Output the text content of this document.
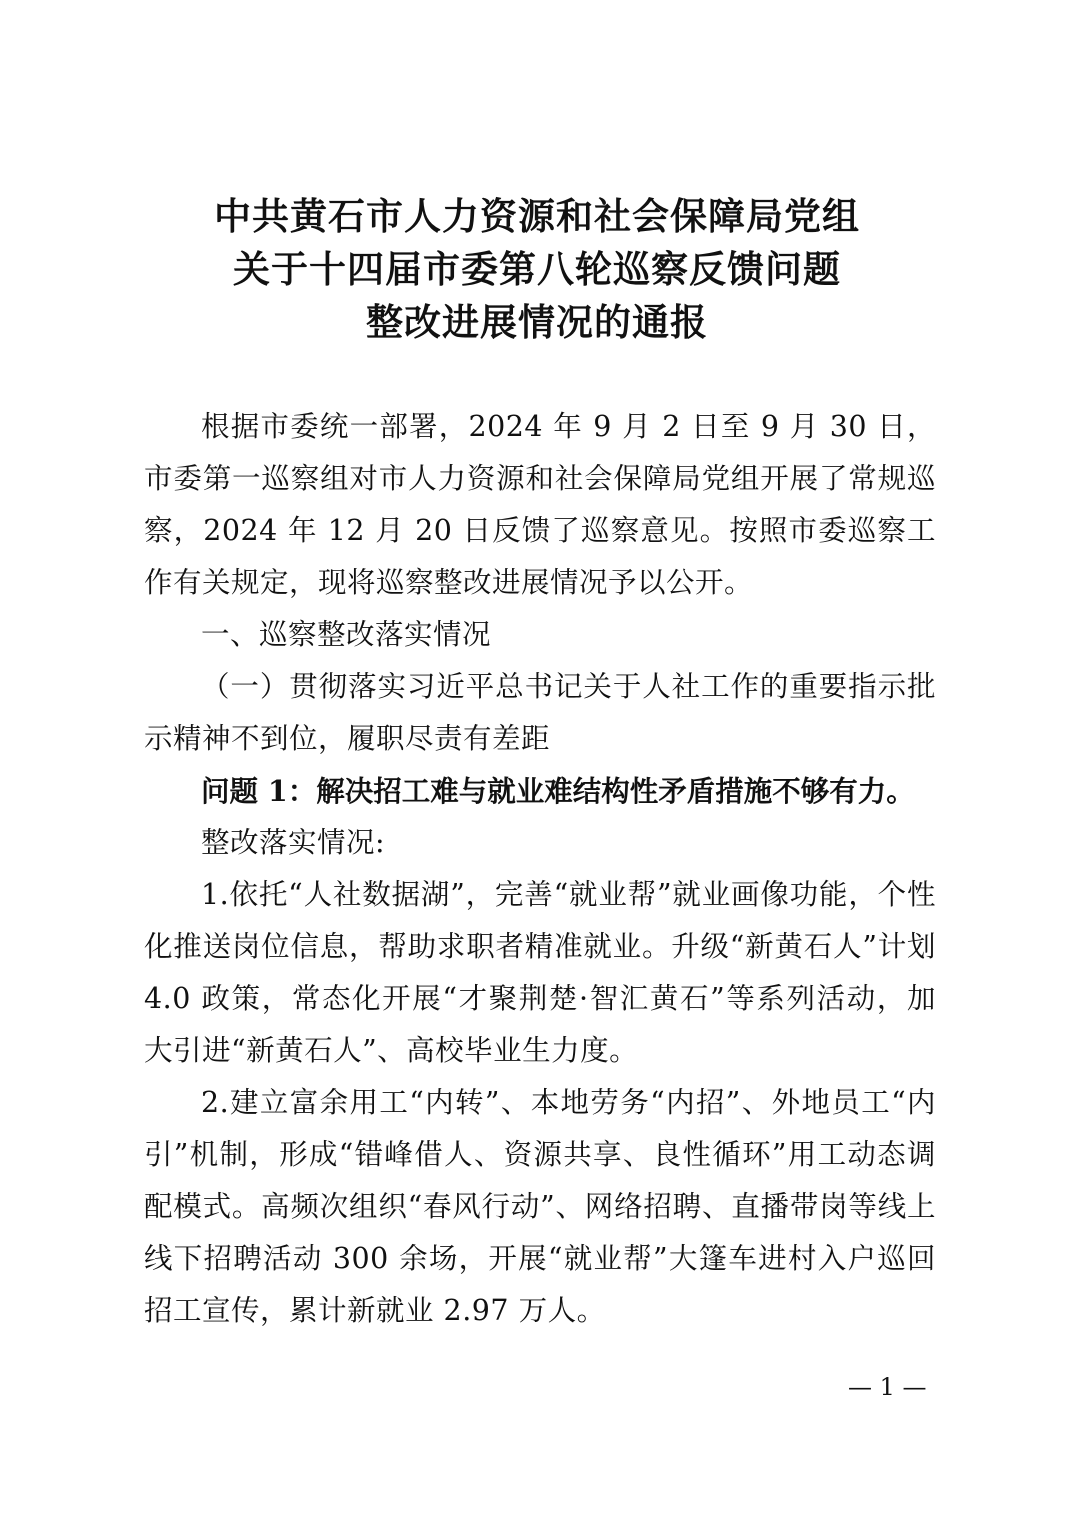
中共黄石市人力资源和社会保障局党组
关于十四届市委第八轮巡察反馈问题
整改进展情况的通报

根据市委统一部署，2024 年 9 月 2 日至 9 月 30 日，市委第一巡察组对市人力资源和社会保障局党组开展了常规巡察，2024 年 12 月 20 日反馈了巡察意见。按照市委巡察工作有关规定，现将巡察整改进展情况予以公开。

一、巡察整改落实情况

（一）贯彻落实习近平总书记关于人社工作的重要指示批示精神不到位，履职尽责有差距

问题 1：解决招工难与就业难结构性矛盾措施不够有力。

整改落实情况:

1.依托“人社数据湖”，完善“就业帮”就业画像功能，个性化推送岗位信息，帮助求职者精准就业。升级“新黄石人”计划 4.0 政策，常态化开展“才聚荆楚·智汇黄石”等系列活动，加大引进“新黄石人”、高校毕业生力度。

2.建立富余用工“内转”、本地劳务“内招”、外地员工“内引”机制，形成“错峰借人、资源共享、良性循环”用工动态调配模式。高频次组织“春风行动”、网络招聘、直播带岗等线上线下招聘活动 300 余场，开展“就业帮”大篷车进村入户巡回招工宣传，累计新就业 2.97 万人。

— 1 —
